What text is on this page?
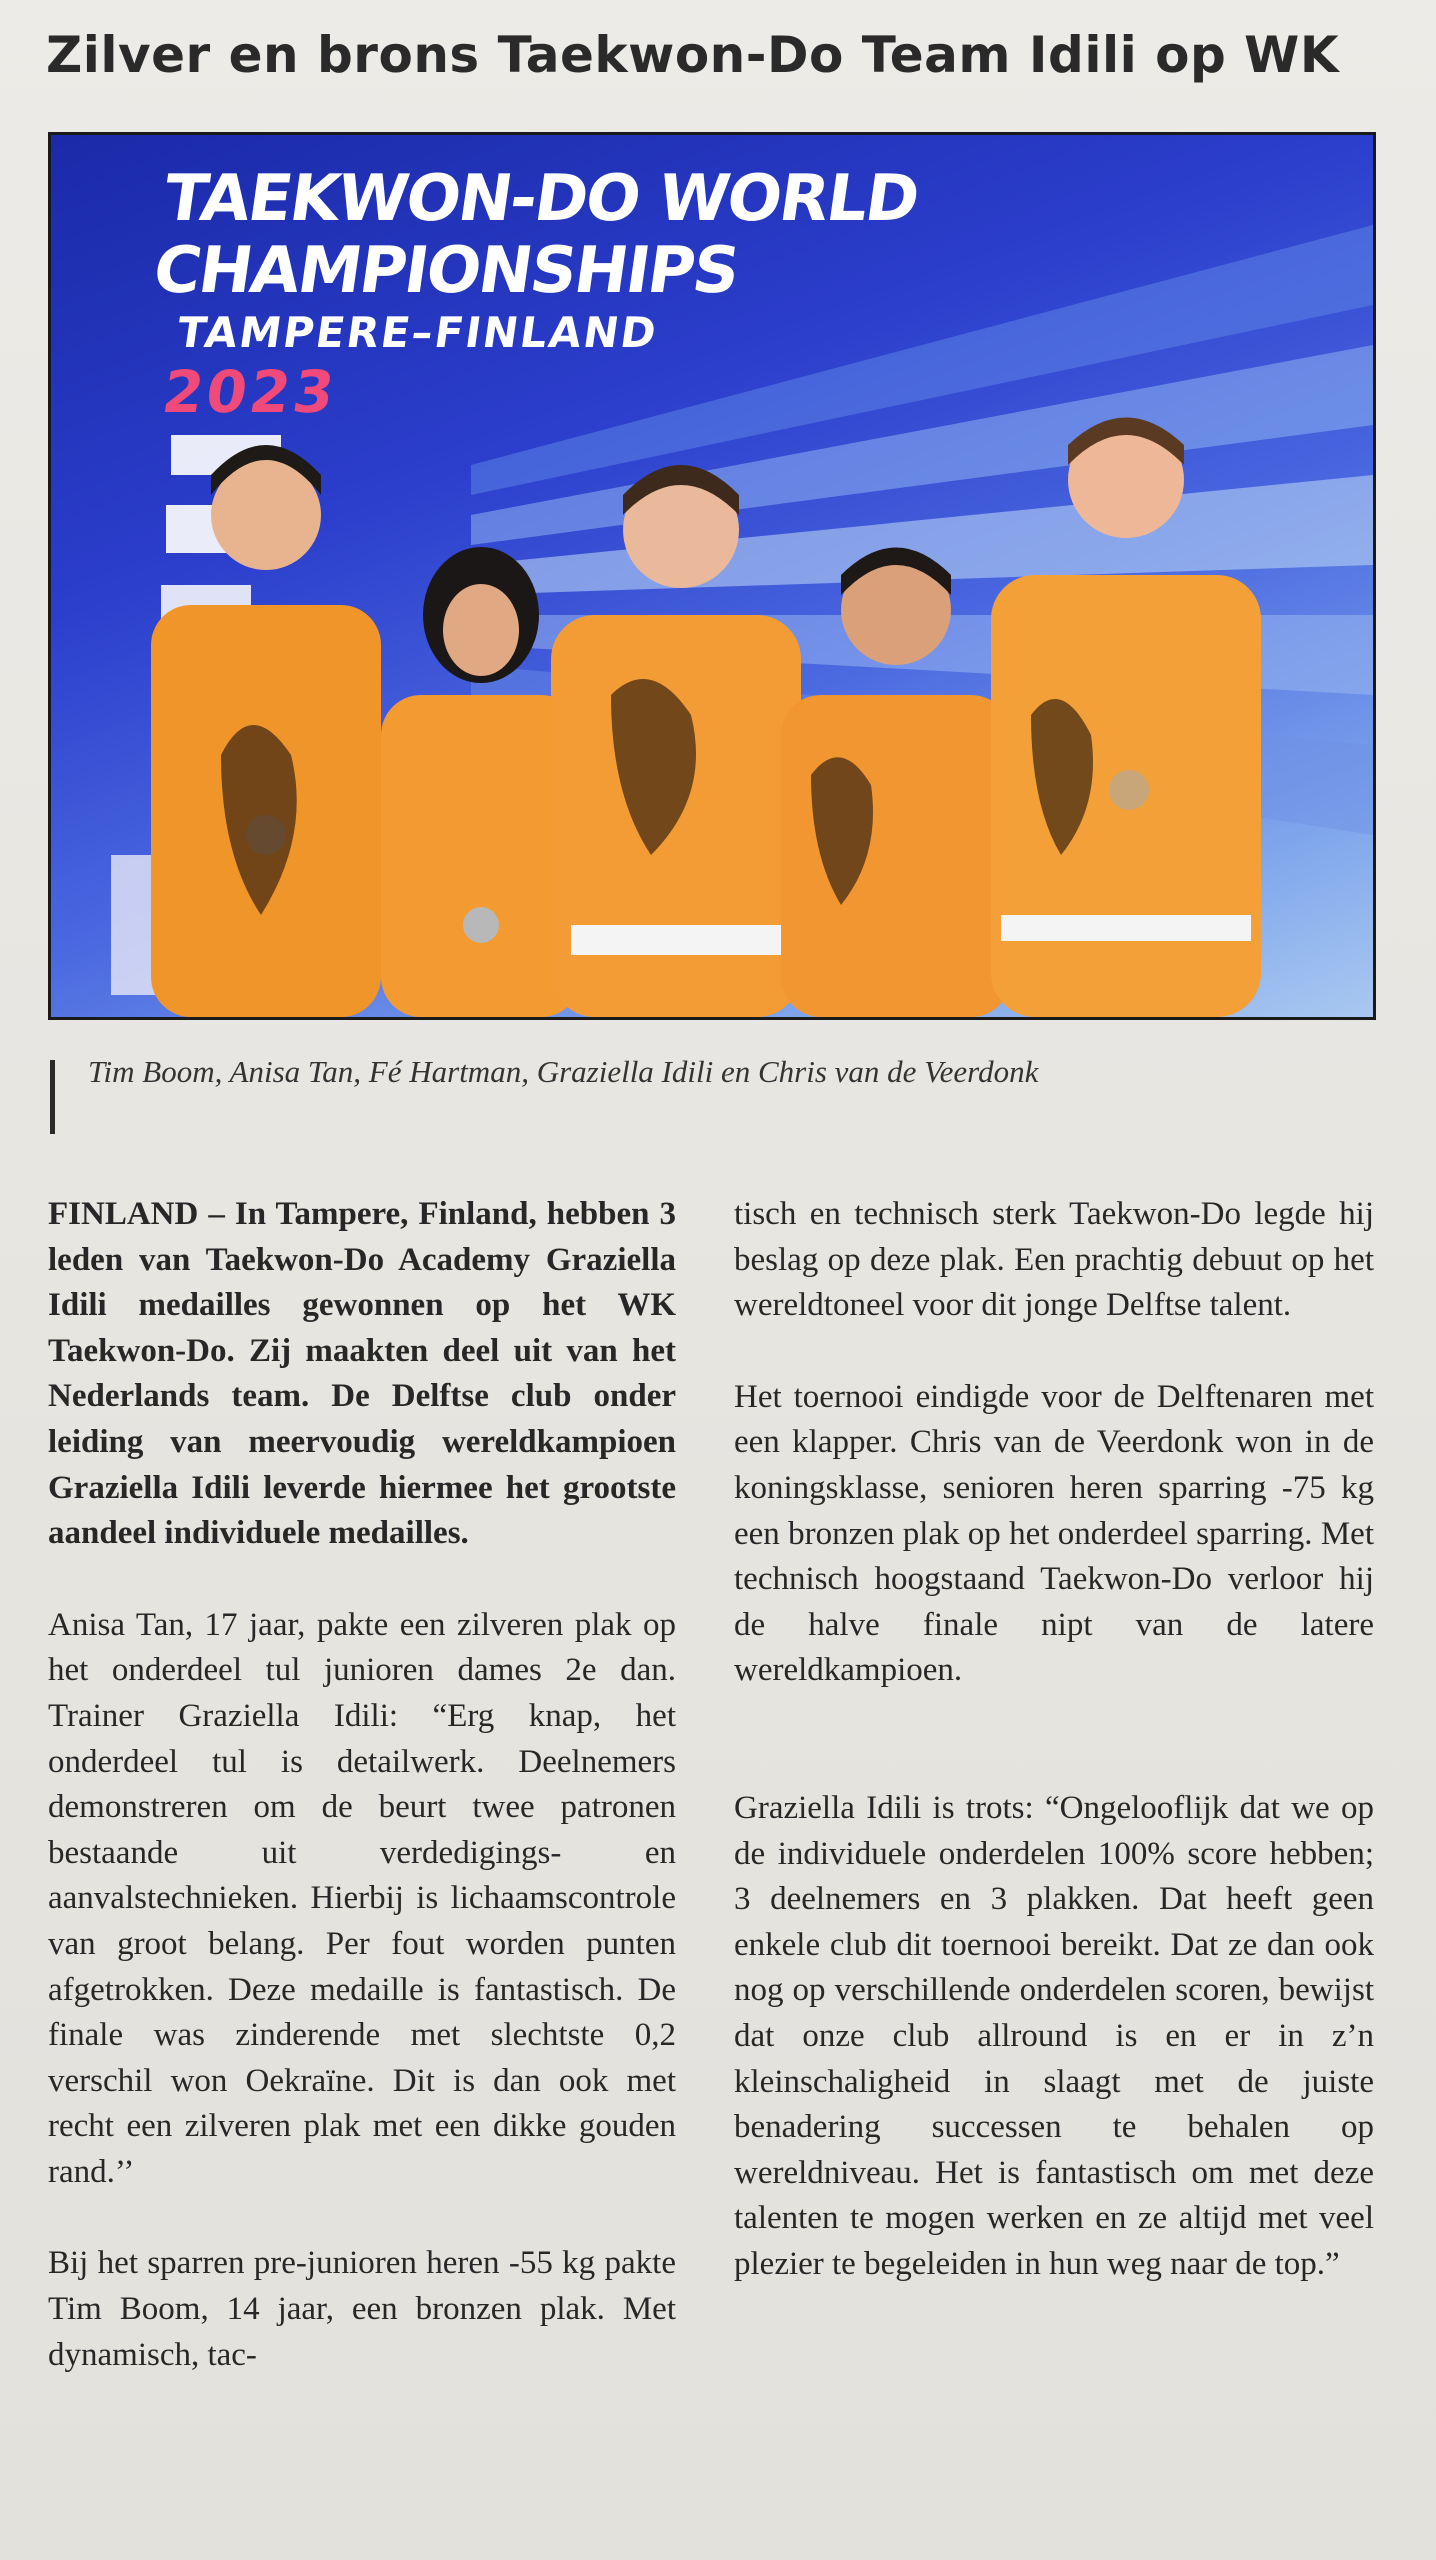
Zilver en brons Taekwon-Do Team Idili op WK
TAEKWON-DO WORLD CHAMPIONSHIPS
TAMPERE–FINLAND
2023
Tim Boom, Anisa Tan, Fé Hartman, Graziella Idili en Chris van de Veerdonk

FINLAND – In Tampere, Finland, hebben 3 leden van Taekwon-Do Academy Graziella Idili medailles gewonnen op het WK Taekwon-Do. Zij maakten deel uit van het Nederlands team. De Delftse club onder leiding van meervoudig wereldkampioen Graziella Idili leverde hiermee het grootste aandeel individuele medailles.

Anisa Tan, 17 jaar, pakte een zilveren plak op het onderdeel tul junioren dames 2e dan. Trainer Graziella Idili: “Erg knap, het onderdeel tul is detailwerk. Deelnemers demonstreren om de beurt twee patronen bestaande uit verdedigings- en aanvalstechnieken. Hierbij is lichaamscontrole van groot belang. Per fout worden punten afgetrokken. Deze medaille is fantastisch. De finale was zinderende met slechtste 0,2 verschil won Oekraïne. Dit is dan ook met recht een zilveren plak met een dikke gouden rand.’’

Bij het sparren pre-junioren heren -55 kg pakte Tim Boom, 14 jaar, een bronzen plak. Met dynamisch, tac-

tisch en technisch sterk Taekwon-Do legde hij beslag op deze plak. Een prachtig debuut op het wereldtoneel voor dit jonge Delftse talent.

Het toernooi eindigde voor de Delftenaren met een klapper. Chris van de Veerdonk won in de koningsklasse, senioren heren sparring -75 kg een bronzen plak op het onderdeel sparring. Met technisch hoogstaand Taekwon-Do verloor hij de halve finale nipt van de latere wereldkampioen.

Graziella Idili is trots: “Ongelooflijk dat we op de individuele onderdelen 100% score hebben; 3 deelnemers en 3 plakken. Dat heeft geen enkele club dit toernooi bereikt. Dat ze dan ook nog op verschillende onderdelen scoren, bewijst dat onze club allround is en er in z’n kleinschaligheid in slaagt met de juiste benadering successen te behalen op wereldniveau. Het is fantastisch om met deze talenten te mogen werken en ze altijd met veel plezier te begeleiden in hun weg naar de top.”
